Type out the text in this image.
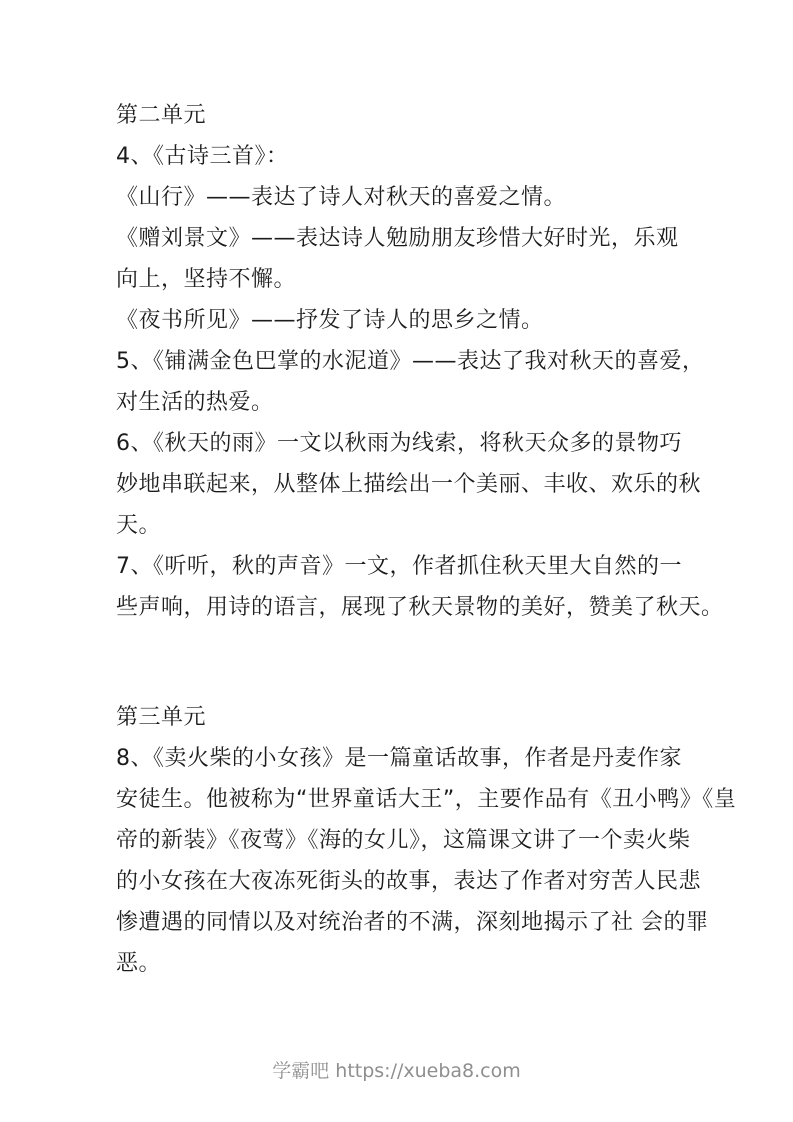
第二单元
4、《古诗三首》：
《山行》——表达了诗人对秋天的喜爱之情。
《赠刘景文》——表达诗人勉励朋友珍惜大好时光，乐观
向上，坚持不懈。
《夜书所见》——抒发了诗人的思乡之情。
5、《铺满金色巴掌的水泥道》——表达了我对秋天的喜爱，
对生活的热爱。
6、《秋天的雨》一文以秋雨为线索，将秋天众多的景物巧
妙地串联起来，从整体上描绘出一个美丽、丰收、欢乐的秋
天。
7、《听听，秋的声音》一文，作者抓住秋天里大自然的一
些声响，用诗的语言，展现了秋天景物的美好，赞美了秋天。
第三单元
8、《卖火柴的小女孩》是一篇童话故事，作者是丹麦作家
安徒生。他被称为“世界童话大王”，主要作品有《丑小鸭》《皇
帝的新装》《夜莺》《海的女儿》，这篇课文讲了一个卖火柴
的小女孩在大夜冻死街头的故事，表达了作者对穷苦人民悲
惨遭遇的同情以及对统治者的不满，深刻地揭示了社 会的罪
恶。
学霸吧 https://xueba8.com
